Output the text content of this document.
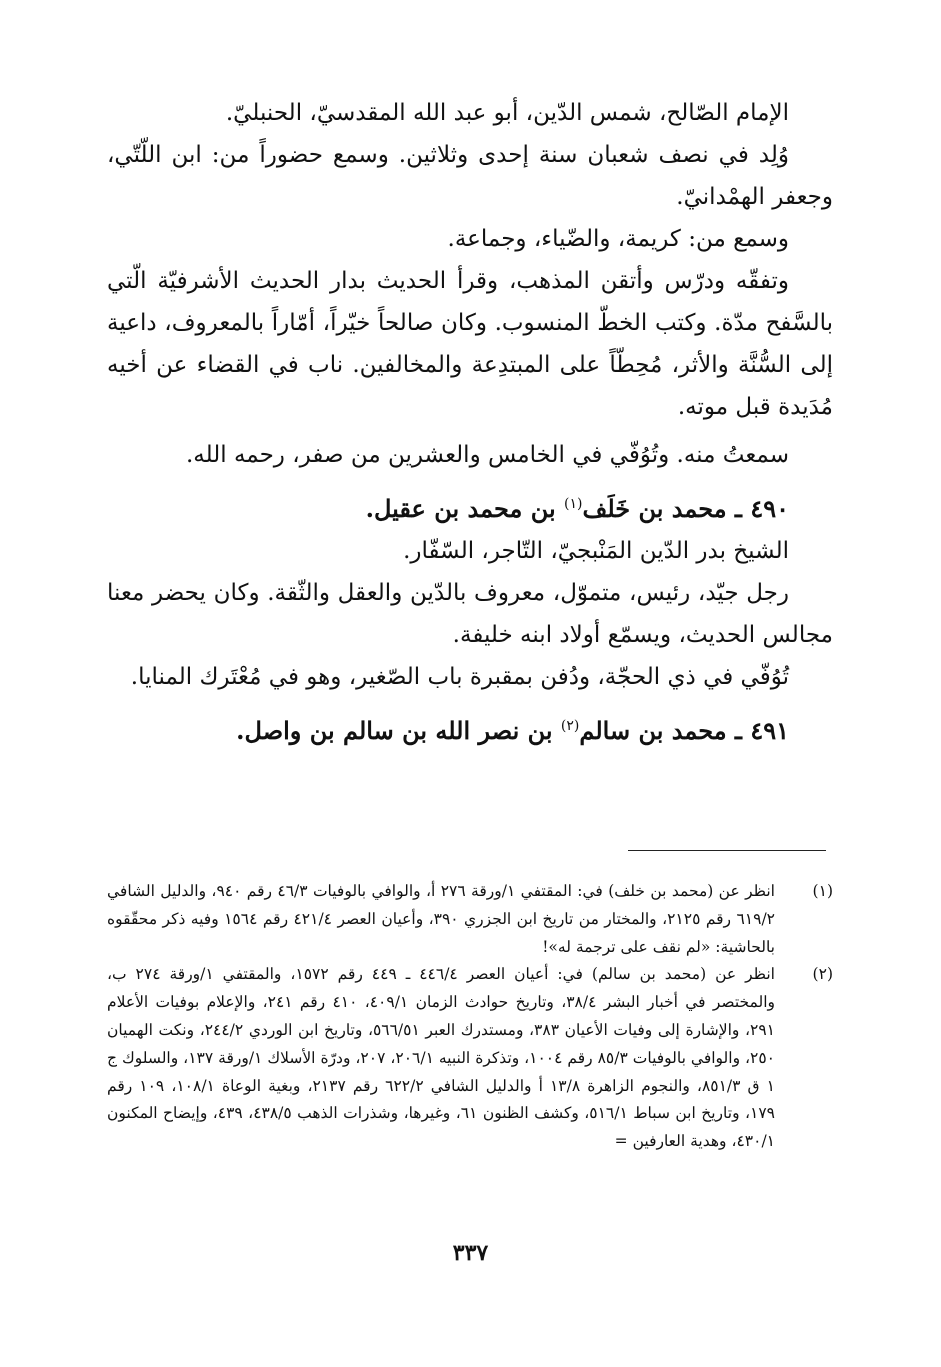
الإمام الصّالح، شمس الدّين، أبو عبد الله المقدسيّ، الحنبليّ.

وُلِد في نصف شعبان سنة إحدى وثلاثين. وسمع حضوراً من: ابن اللّتّي، وجعفر الهمْدانيّ.

وسمع من: كريمة، والضّياء، وجماعة.

وتفقّه ودرّس وأتقن المذهب، وقرأ الحديث بدار الحديث الأشرفيّة الّتي بالسَّفح مدّة. وكتب الخطّ المنسوب. وكان صالحاً خيّراً، أمّاراً بالمعروف، داعية إلى السُّنَّة والأثر، مُحِطّاً على المبتدِعة والمخالفين. ناب في القضاء عن أخيه مُدَيدة قبل موته.

سمعتُ منه. وتُوُفّي في الخامس والعشرين من صفر، رحمه الله.

٤٩٠ ـ محمد بن خَلَف$^{(١)}$ بن محمد بن عقيل.

الشيخ بدر الدّين المَنْبجيّ، التّاجر، السّفّار.

رجل جيّد، رئيس، متموّل، معروف بالدّين والعقل والثّقة. وكان يحضر معنا مجالس الحديث، ويسمّع أولاد ابنه خليفة.

تُوُفّي في ذي الحجّة، ودُفن بمقبرة باب الصّغير، وهو في مُعْتَرك المنايا.

٤٩١ ـ محمد بن سالم$^{(٢)}$ بن نصر الله بن سالم بن واصل.

(١)
انظر عن (محمد بن خلف) في: المقتفي ١/ورقة ٢٧٦ أ، والوافي بالوفيات ٤٦/٣ رقم ٩٤٠، والدليل الشافي ٦١٩/٢ رقم ٢١٢٥، والمختار من تاريخ ابن الجزري ٣٩٠، وأعيان العصر ٤٢١/٤ رقم ١٥٦٤ وفيه ذكر محقّقوه بالحاشية: «لم نقف على ترجمة له»!
(٢)
انظر عن (محمد بن سالم) في: أعيان العصر ٤٤٦/٤ ـ ٤٤٩ رقم ١٥٧٢، والمقتفي ١/ورقة ٢٧٤ ب، والمختصر في أخبار البشر ٣٨/٤، وتاريخ حوادث الزمان ٤٠٩/١، ٤١٠ رقم ٢٤١، والإعلام بوفيات الأعلام ٢٩١، والإشارة إلى وفيات الأعيان ٣٨٣، ومستدرك العبر ٥٦٦/٥١، وتاريخ ابن الوردي ٢٤٤/٢، ونكت الهميان ٢٥٠، والوافي بالوفيات ٨٥/٣ رقم ١٠٠٤، وتذكرة النبيه ٢٠٦/١، ٢٠٧، ودرّة الأسلاك ١/ورقة ١٣٧، والسلوك ج ١ ق ٨٥١/٣، والنجوم الزاهرة ١٣/٨ أ والدليل الشافي ٦٢٢/٢ رقم ٢١٣٧، وبغية الوعاة ١٠٨/١، ١٠٩ رقم ١٧٩، وتاريخ ابن سباط ٥١٦/١، وكشف الظنون ٦١، وغيرها، وشذرات الذهب ٤٣٨/٥، ٤٣٩، وإيضاح المكنون ٤٣٠/١، وهدية العارفين =
٣٣٧
